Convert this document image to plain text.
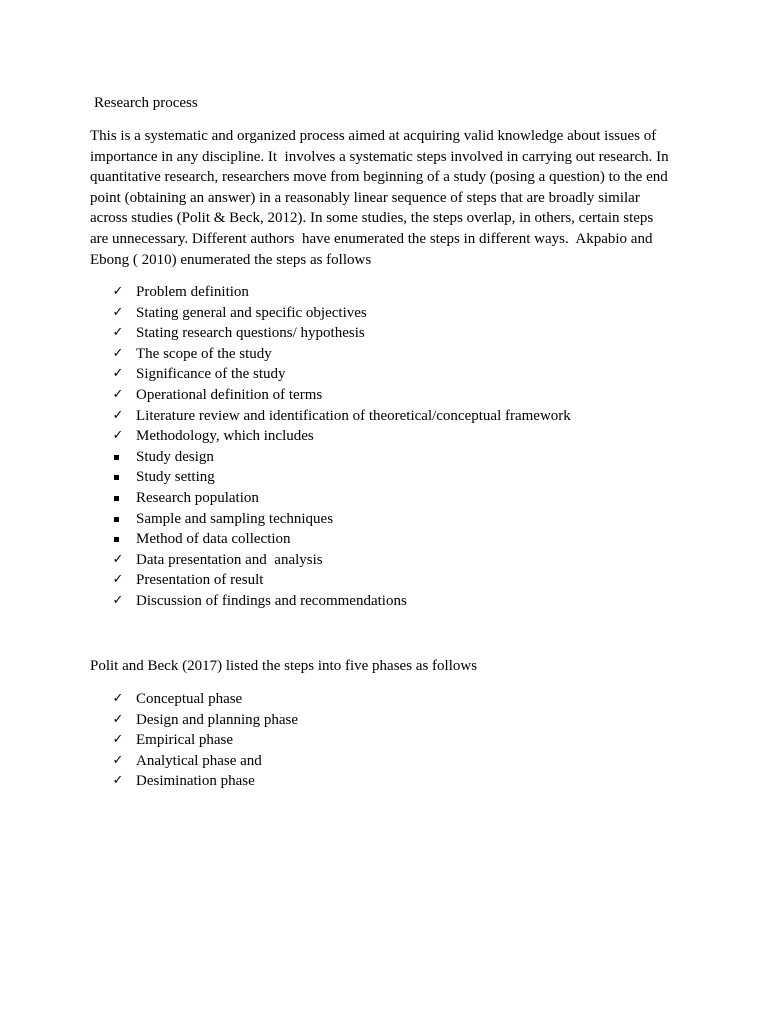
Research process
This is a systematic and organized process aimed at acquiring valid knowledge about issues of
importance in any discipline. It  involves a systematic steps involved in carrying out research. In
quantitative research, researchers move from beginning of a study (posing a question) to the end
point (obtaining an answer) in a reasonably linear sequence of steps that are broadly similar
across studies (Polit & Beck, 2012). In some studies, the steps overlap, in others, certain steps
are unnecessary. Different authors  have enumerated the steps in different ways.  Akpabio and
Ebong ( 2010) enumerated the steps as follows
✓ Problem definition
✓ Stating general and specific objectives
✓ Stating research questions/ hypothesis
✓ The scope of the study
✓ Significance of the study
✓ Operational definition of terms
✓ Literature review and identification of theoretical/conceptual framework
✓ Methodology, which includes
Study design
Study setting
Research population
Sample and sampling techniques
Method of data collection
✓ Data presentation and  analysis
✓ Presentation of result
✓ Discussion of findings and recommendations
Polit and Beck (2017) listed the steps into five phases as follows
✓ Conceptual phase
✓ Design and planning phase
✓ Empirical phase
✓ Analytical phase and
✓ Desimination phase
